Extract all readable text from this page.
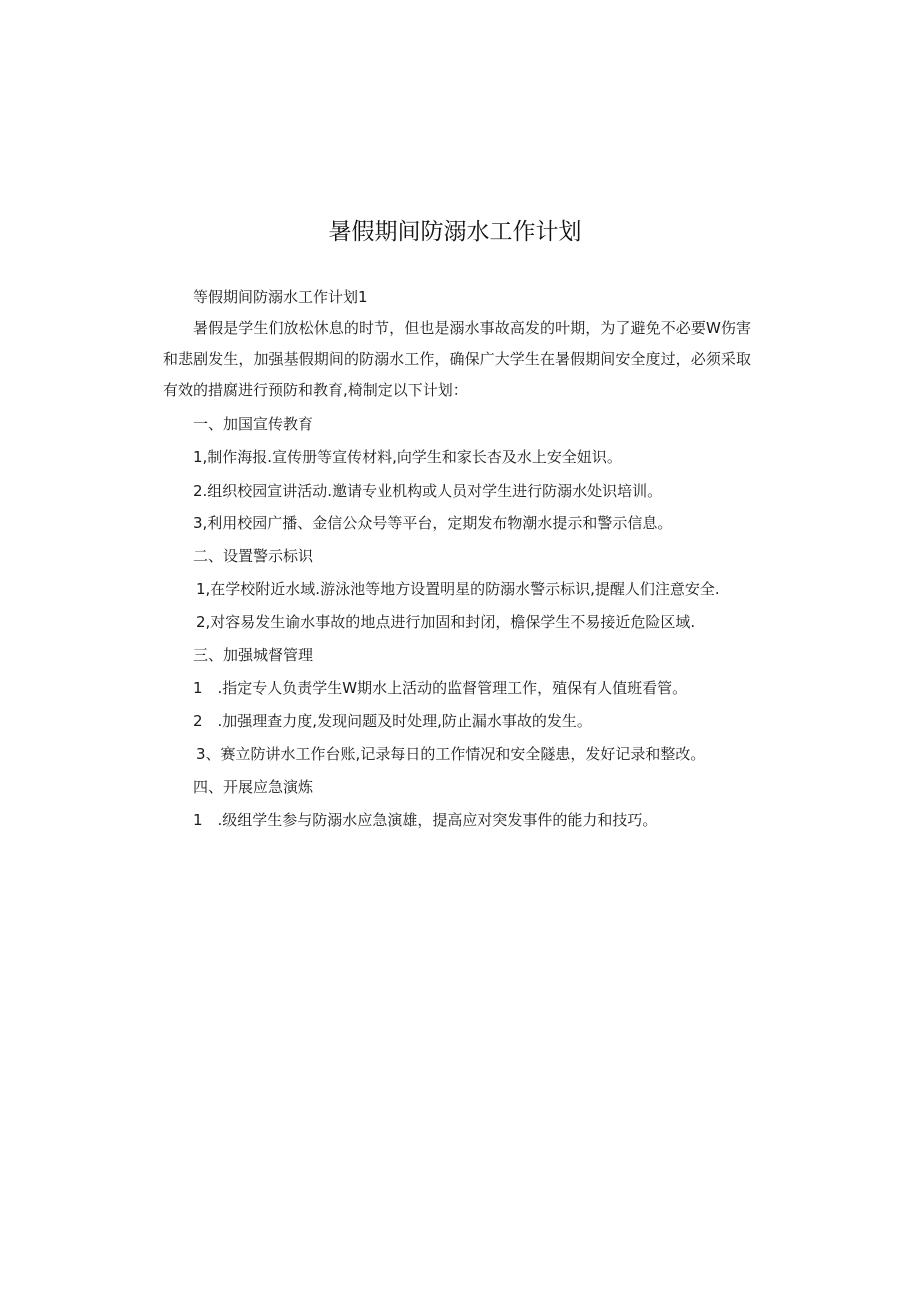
暑假期间防溺水工作计划
等假期间防溺水工作计划1
暑假是学生们放松休息的时节，但也是溺水事故高发的叶期，为了避免不必要W伤害和悲剧发生，加强基假期间的防溺水工作，确保广大学生在暑假期间安全度过，必须采取有效的措腐进行预防和教育,椅制定以下计划：
一、加国宣传教育
1,制作海报.宣传册等宣传材料,向学生和家长杏及水上安全妞识。
2.组织校园宣讲活动.邀请专业机构或人员对学生进行防溺水处识培训。
3,利用校园广播、金信公众号等平台，定期发布物潮水提示和警示信息。
二、设置警示标识
1,在学校附近水域.游泳池等地方设置明星的防溺水警示标识,提醒人们注意安全.
2,对容易发生谕水事故的地点进行加固和封闭，檐保学生不易接近危险区域.
三、加强城督管理
1　.指定专人负责学生W期水上活动的监督管理工作，殖保有人值班看管。
2　.加强理查力度,发现问题及时处理,防止漏水事故的发生。
3、赛立防讲水工作台账,记录每日的工作情况和安全隧患，发好记录和整改。
四、开展应急演炼
1　.级组学生参与防溺水应急演雄，提高应对突发事件的能力和技巧。
